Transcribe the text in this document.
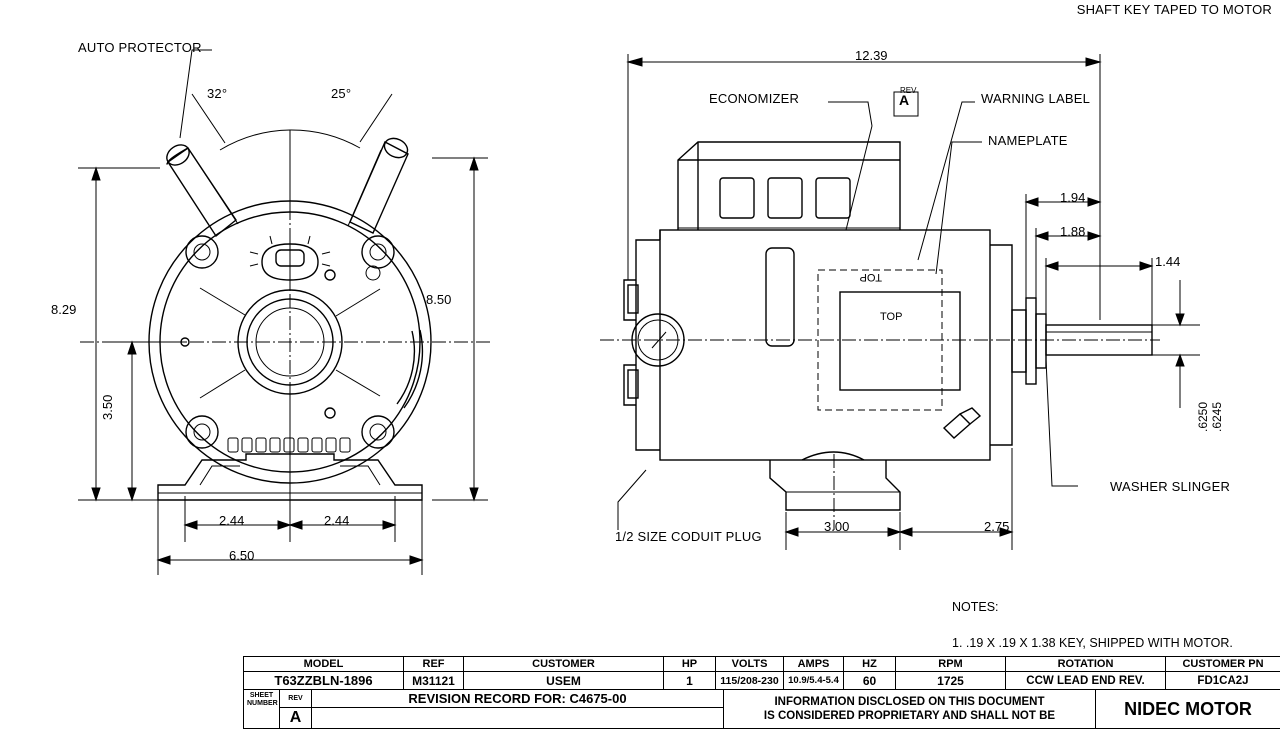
SHAFT KEY TAPED TO MOTOR
AUTO PROTECTOR
32°	25°
8.29
8.50
3.50
2.44	2.44
6.50
TOP
TOP
12.39
ECONOMIZER	WARNING LABEL
NAMEPLATE
REV
A
WASHER SLINGER
1/2 SIZE CODUIT PLUG
1.94
1.88
1.44
.6250 .6245
3.00	2.75
NOTES:
1. .19 X .19 X 1.38 KEY, SHIPPED WITH MOTOR.
MODEL	REF	CUSTOMER	HP	VOLTS	AMPS	HZ	RPM	ROTATION	CUSTOMER PN
T63ZZBLN-1896	M31121	USEM	1	115/208-230	10.9/5.4-5.4	60	1725	CCW LEAD END REV.	FD1CA2J
SHEET
NUMBER	REV	REVISION RECORD FOR: C4675-00	INFORMATION DISCLOSED ON THIS DOCUMENT
IS CONSIDERED PROPRIETARY AND SHALL NOT BE	NIDEC MOTOR
	A			
